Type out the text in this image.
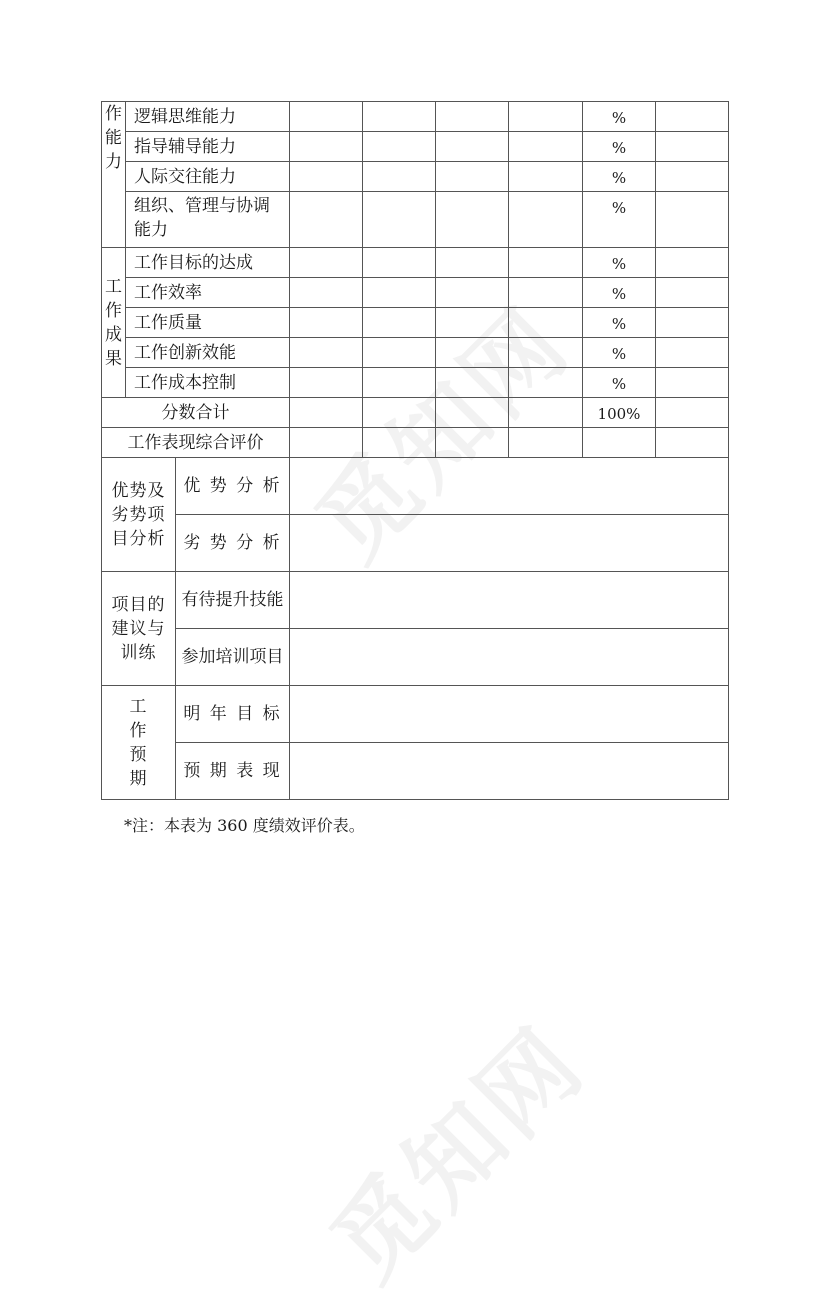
觅知网
觅知网
作能力	逻辑思维能力						%	
	指导辅导能力						%	
	人际交往能力						%	
	组织、管理与协调能力						%	
工作成果	工作目标的达成						%	
	工作效率						%	
	工作质量						%	
	工作创新效能						%	
	工作成本控制						%	
分数合计							100%	
工作表现综合评价								
优势及劣势项目分析		优 势 分 析						
		劣 势 分 析						
项目的建议与训练		有待提升技能						
		参加培训项目						
工作预期		明 年 目 标						
		预 期 表 现						
*注：本表为 360 度绩效评价表。
